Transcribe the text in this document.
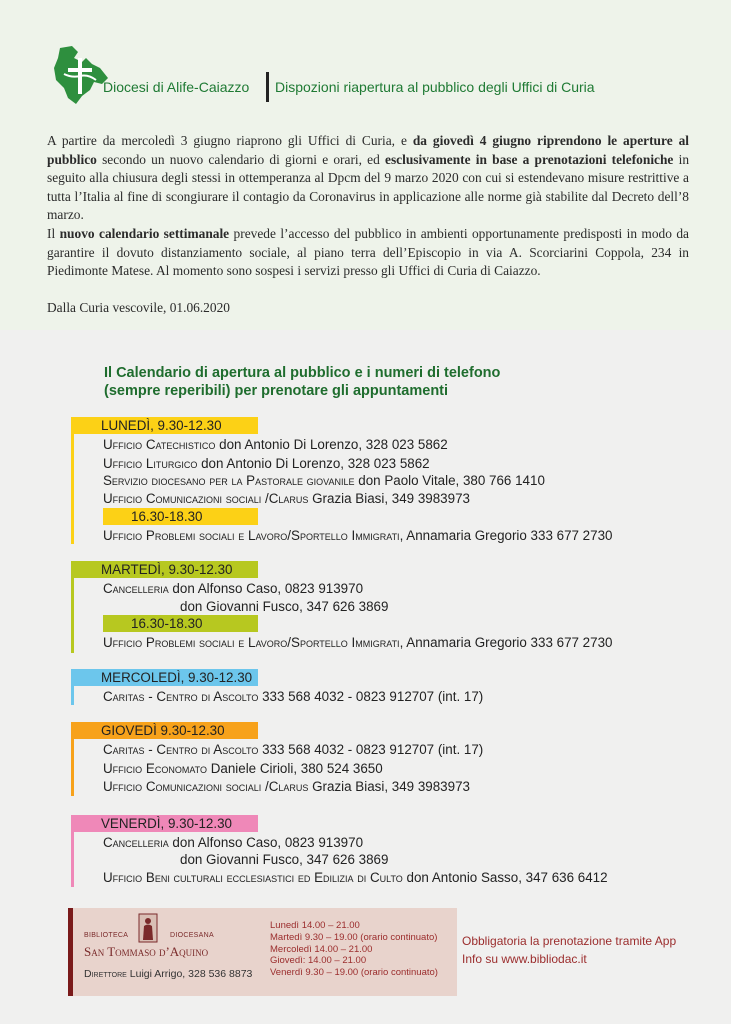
Diocesi di Alife-Caiazzo Dispozioni riapertura al pubblico degli Uffici di Curia

A partire da mercoledì 3 giugno riaprono gli Uffici di Curia, e da giovedì 4 giugno riprendono le aperture al pubblico secondo un nuovo calendario di giorni e orari, ed esclusivamente in base a prenotazioni telefoniche in seguito alla chiusura degli stessi in ottemperanza al Dpcm del 9 marzo 2020 con cui si estendevano misure restrittive a tutta l’Italia al fine di scongiurare il contagio da Coronavirus in applicazione alle norme già stabilite dal Decreto dell’8 marzo.

Il nuovo calendario settimanale prevede l’accesso del pubblico in ambienti opportunamente predisposti in modo da garantire il dovuto distanziamento sociale, al piano terra dell’Episcopio in via A. Scorciarini Coppola, 234 in Piedimonte Matese. Al momento sono sospesi i servizi presso gli Uffici di Curia di Caiazzo.

Dalla Curia vescovile, 01.06.2020
Il Calendario di apertura al pubblico e i numeri di telefono
(sempre reperibili) per prenotare gli appuntamenti
LUNEDÌ, 9.30-12.30
Ufficio Catechistico don Antonio Di Lorenzo, 328 023 5862
Ufficio Liturgico don Antonio Di Lorenzo, 328 023 5862
Servizio diocesano per la Pastorale giovanile don Paolo Vitale, 380 766 1410
Ufficio Comunicazioni sociali /Clarus Grazia Biasi, 349 3983973
16.30-18.30
Ufficio Problemi sociali e Lavoro/Sportello Immigrati, Annamaria Gregorio 333 677 2730
MARTEDÌ, 9.30-12.30
Cancelleria don Alfonso Caso, 0823 913970
don Giovanni Fusco, 347 626 3869
16.30-18.30
Ufficio Problemi sociali e Lavoro/Sportello Immigrati, Annamaria Gregorio 333 677 2730
MERCOLEDÌ, 9.30-12.30
Caritas - Centro di Ascolto 333 568 4032 - 0823 912707 (int. 17)
GIOVEDÌ 9.30-12.30
Caritas - Centro di Ascolto 333 568 4032 - 0823 912707 (int. 17)
Ufficio Economato Daniele Cirioli, 380 524 3650
Ufficio Comunicazioni sociali /Clarus Grazia Biasi, 349 3983973
VENERDÌ, 9.30-12.30
Cancelleria don Alfonso Caso, 0823 913970
don Giovanni Fusco, 347 626 3869
Ufficio Beni culturali ecclesiastici ed Edilizia di Culto don Antonio Sasso, 347 636 6412
BIBLIOTECA	DIOCESANA
San Tommaso d’Aquino
Direttore Luigi Arrigo, 328 536 8873
Lunedì 14.00 – 21.00
Martedì 9.30 – 19.00 (orario continuato)
Mercoledì 14.00 – 21.00
Giovedì: 14.00 – 21.00
Venerdì 9.30 – 19.00 (orario continuato)
Obbligatoria la prenotazione tramite App
Info su www.bibliodac.it
